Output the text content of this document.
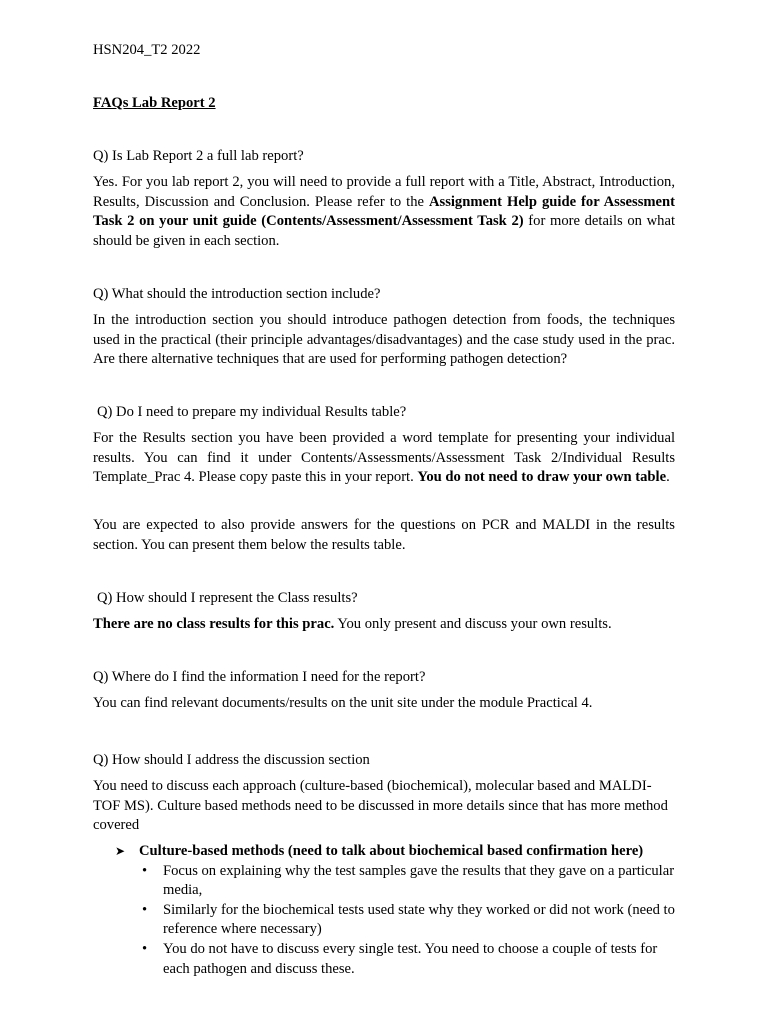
HSN204_T2 2022

FAQs Lab Report 2

Q) Is Lab Report 2 a full lab report?

Yes. For you lab report 2, you will need to provide a full report with a Title, Abstract, Introduction, Results, Discussion and Conclusion. Please refer to the Assignment Help guide for Assessment Task 2 on your unit guide (Contents/Assessment/Assessment Task 2) for more details on what should be given in each section.

Q) What should the introduction section include?

In the introduction section you should introduce pathogen detection from foods, the techniques used in the practical (their principle advantages/disadvantages) and the case study used in the prac. Are there alternative techniques that are used for performing pathogen detection?

Q) Do I need to prepare my individual Results table?

For the Results section you have been provided a word template for presenting your individual results. You can find it under Contents/Assessments/Assessment Task 2/Individual Results Template_Prac 4. Please copy paste this in your report. You do not need to draw your own table.

You are expected to also provide answers for the questions on PCR and MALDI in the results section. You can present them below the results table.

Q) How should I represent the Class results?

There are no class results for this prac. You only present and discuss your own results.

Q) Where do I find the information I need for the report?

You can find relevant documents/results on the unit site under the module Practical 4.

Q) How should I address the discussion section

You need to discuss each approach (culture-based (biochemical), molecular based and MALDI-TOF MS). Culture based methods need to be discussed in more details since that has more method covered

➤ Culture-based methods (need to talk about biochemical based confirmation here)
• Focus on explaining why the test samples gave the results that they gave on a particular media,
• Similarly for the biochemical tests used state why they worked or did not work (need to reference where necessary)
• You do not have to discuss every single test. You need to choose a couple of tests for each pathogen and discuss these.
